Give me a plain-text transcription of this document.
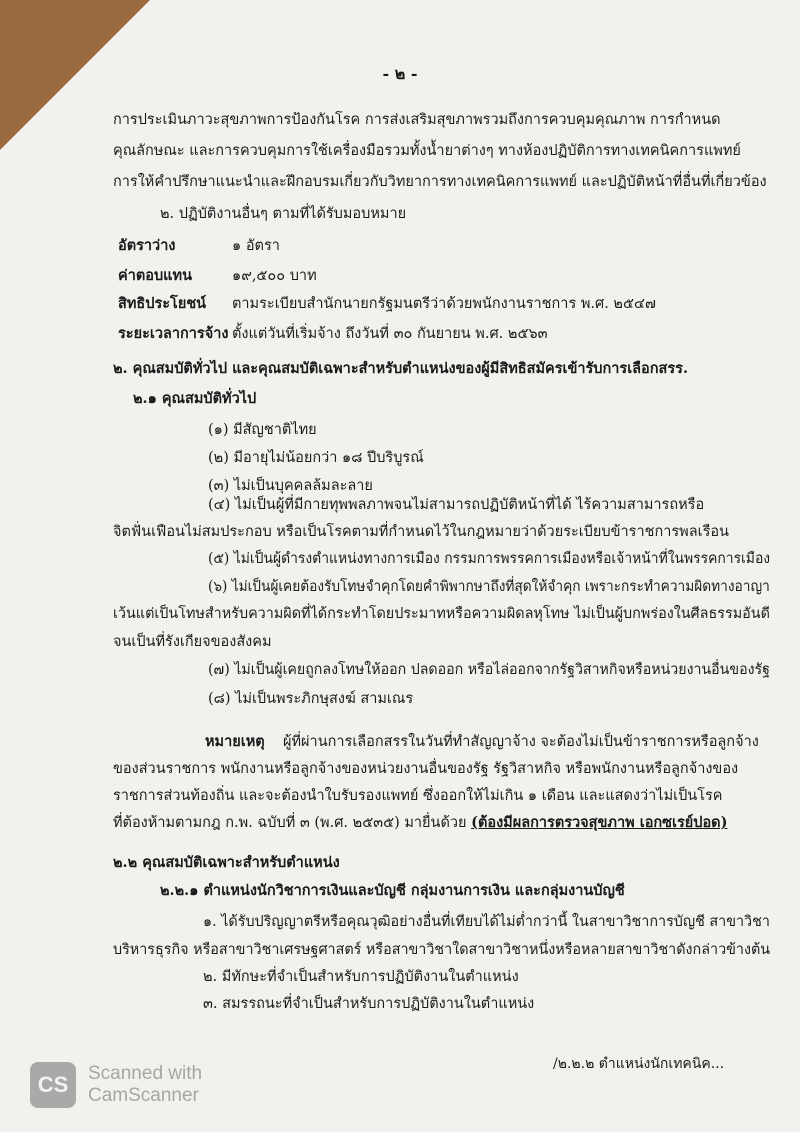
- ๒ -
การประเมินภาวะสุขภาพการป้องกันโรค การส่งเสริมสุขภาพรวมถึงการควบคุมคุณภาพ การกำหนด
คุณลักษณะ และการควบคุมการใช้เครื่องมือรวมทั้งน้ำยาต่างๆ ทางห้องปฏิบัติการทางเทคนิคการแพทย์
การให้คำปรึกษาแนะนำและฝึกอบรมเกี่ยวกับวิทยาการทางเทคนิคการแพทย์ และปฏิบัติหน้าที่อื่นที่เกี่ยวข้อง
๒. ปฏิบัติงานอื่นๆ ตามที่ได้รับมอบหมาย
อัตราว่าง	๑ อัตรา
ค่าตอบแทน	๑๙,๕๐๐ บาท
สิทธิประโยชน์ ตามระเบียบสำนักนายกรัฐมนตรีว่าด้วยพนักงานราชการ พ.ศ. ๒๕๔๗
ระยะเวลาการจ้าง ตั้งแต่วันที่เริ่มจ้าง ถึงวันที่ ๓๐ กันยายน พ.ศ. ๒๕๖๓
๒. คุณสมบัติทั่วไป และคุณสมบัติเฉพาะสำหรับตำแหน่งของผู้มีสิทธิสมัครเข้ารับการเลือกสรร.
๒.๑ คุณสมบัติทั่วไป
(๑) มีสัญชาติไทย
(๒) มีอายุไม่น้อยกว่า ๑๘ ปีบริบูรณ์
(๓) ไม่เป็นบุคคลล้มละลาย
(๔) ไม่เป็นผู้ที่มีกายทุพพลภาพจนไม่สามารถปฏิบัติหน้าที่ได้ ไร้ความสามารถหรือ
จิตฟั่นเฟือนไม่สมประกอบ หรือเป็นโรคตามที่กำหนดไว้ในกฎหมายว่าด้วยระเบียบข้าราชการพลเรือน
(๕) ไม่เป็นผู้ดำรงตำแหน่งทางการเมือง กรรมการพรรคการเมืองหรือเจ้าหน้าที่ในพรรคการเมือง
(๖) ไม่เป็นผู้เคยต้องรับโทษจำคุกโดยคำพิพากษาถึงที่สุดให้จำคุก เพราะกระทำความผิดทางอาญา
เว้นแต่เป็นโทษสำหรับความผิดที่ได้กระทำโดยประมาทหรือความผิดลหุโทษ ไม่เป็นผู้บกพร่องในศีลธรรมอันดี
จนเป็นที่รังเกียจของสังคม
(๗) ไม่เป็นผู้เคยถูกลงโทษให้ออก ปลดออก หรือไล่ออกจากรัฐวิสาหกิจหรือหน่วยงานอื่นของรัฐ
(๘) ไม่เป็นพระภิกษุสงฆ์ สามเณร
หมายเหตุ ผู้ที่ผ่านการเลือกสรรในวันที่ทำสัญญาจ้าง จะต้องไม่เป็นข้าราชการหรือลูกจ้าง
ของส่วนราชการ พนักงานหรือลูกจ้างของหน่วยงานอื่นของรัฐ รัฐวิสาหกิจ หรือพนักงานหรือลูกจ้างของ
ราชการส่วนท้องถิ่น และจะต้องนำใบรับรองแพทย์ ซึ่งออกให้ไม่เกิน ๑ เดือน และแสดงว่าไม่เป็นโรค
ที่ต้องห้ามตามกฎ ก.พ. ฉบับที่ ๓ (พ.ศ. ๒๕๓๕) มายื่นด้วย (ต้องมีผลการตรวจสุขภาพ เอกซเรย์ปอด)
๒.๒ คุณสมบัติเฉพาะสำหรับตำแหน่ง
๒.๒.๑ ตำแหน่งนักวิชาการเงินและบัญชี กลุ่มงานการเงิน และกลุ่มงานบัญชี
๑. ได้รับปริญญาตรีหรือคุณวุฒิอย่างอื่นที่เทียบได้ไม่ต่ำกว่านี้ ในสาขาวิชาการบัญชี สาขาวิชา
บริหารธุรกิจ หรือสาขาวิชาเศรษฐศาสตร์ หรือสาขาวิชาใดสาขาวิชาหนึ่งหรือหลายสาขาวิชาดังกล่าวข้างต้น
๒. มีทักษะที่จำเป็นสำหรับการปฏิบัติงานในตำแหน่ง
๓. สมรรถนะที่จำเป็นสำหรับการปฏิบัติงานในตำแหน่ง
/๒.๒.๒ ตำแหน่งนักเทคนิค...
CS	Scanned with
CamScanner
